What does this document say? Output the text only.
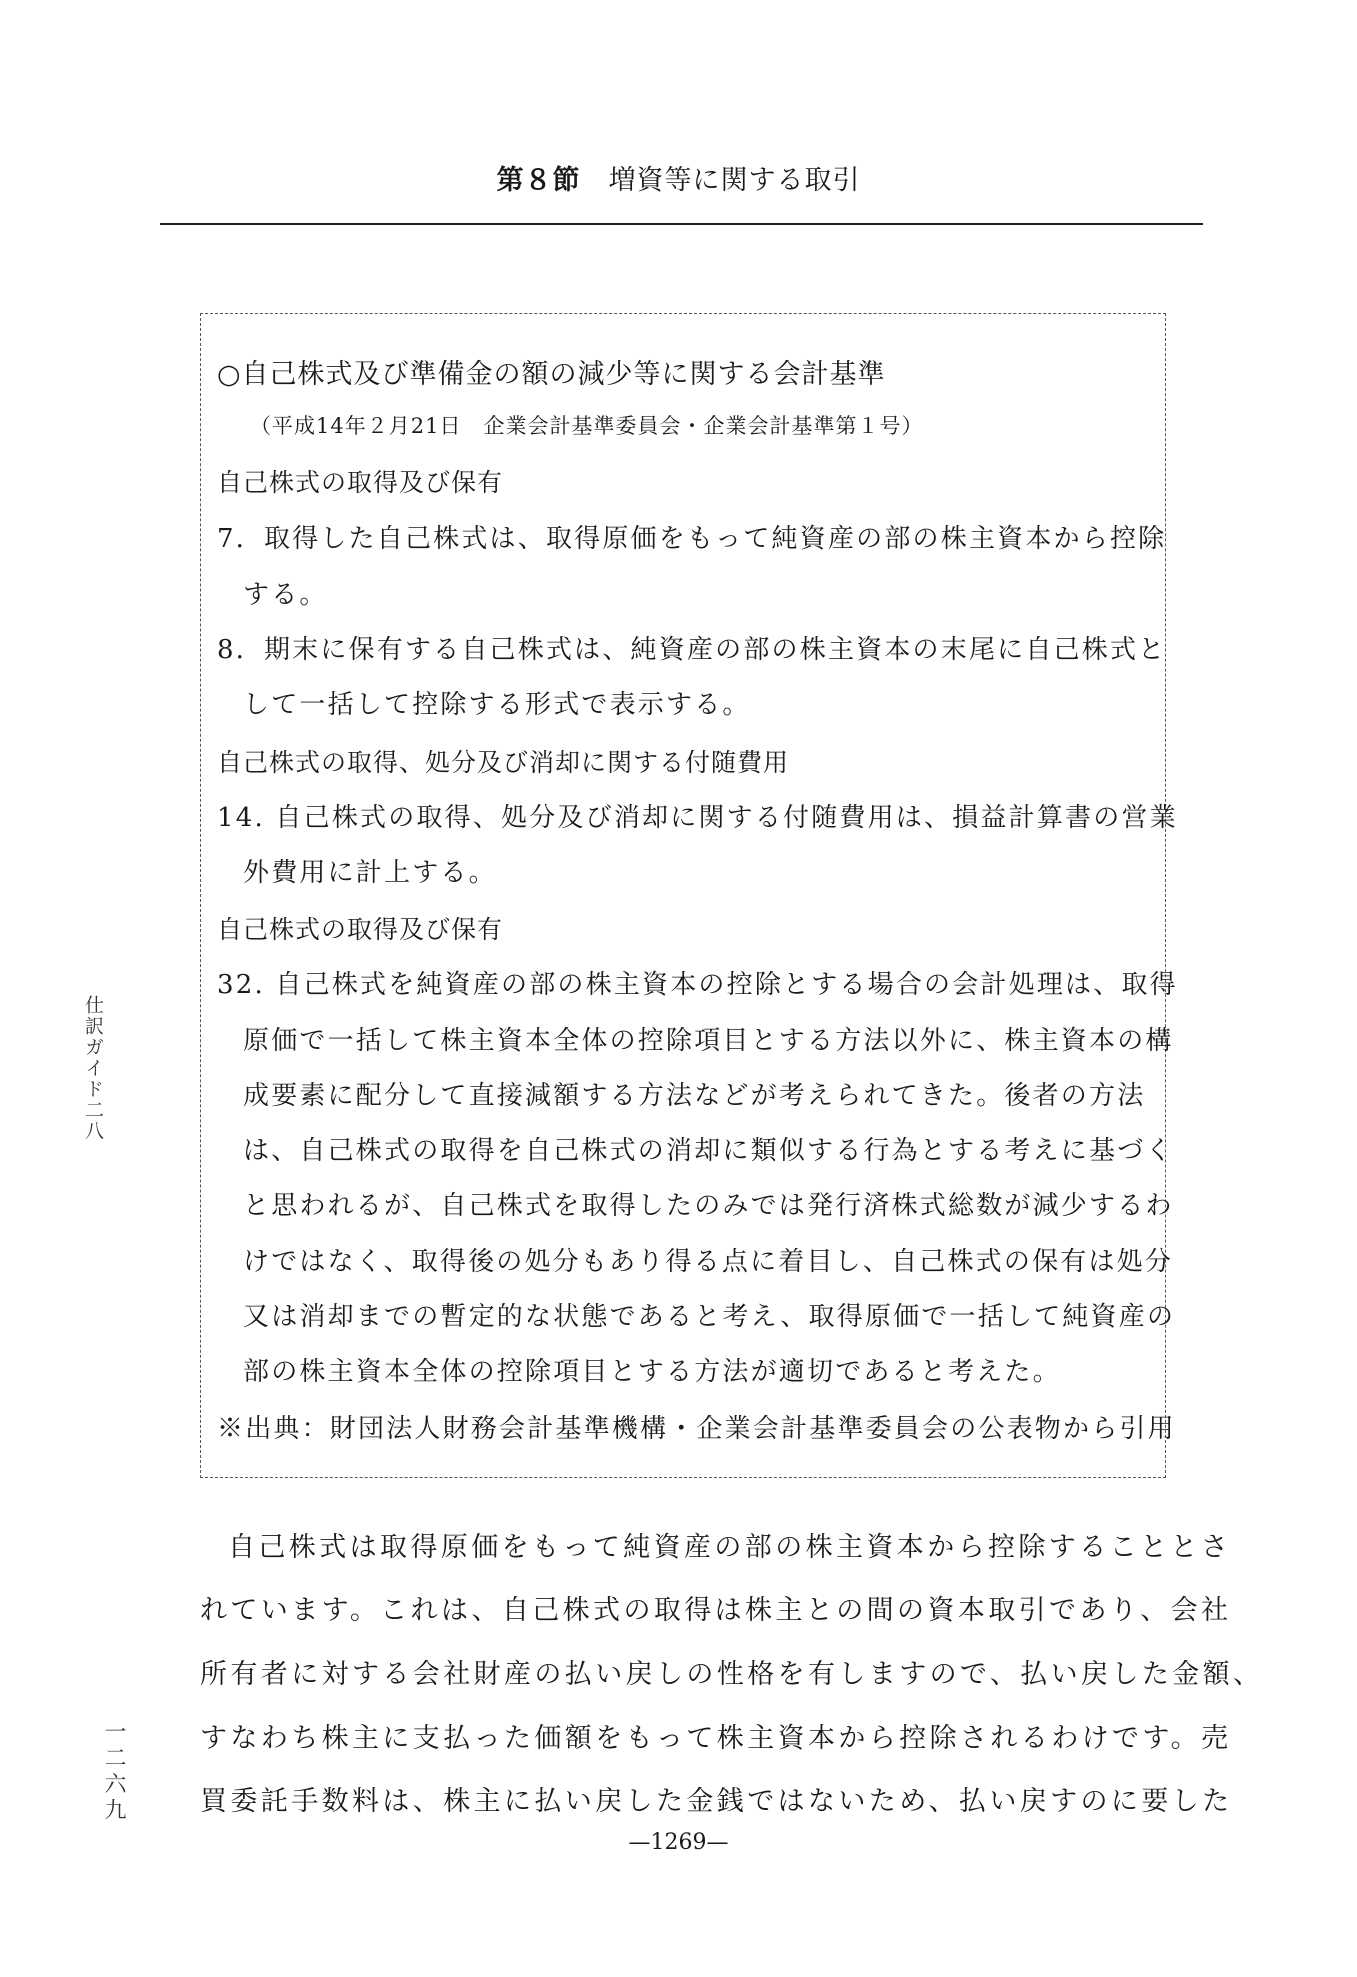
第８節 増資等に関する取引
○自己株式及び準備金の額の減少等に関する会計基準
（平成14年２月21日　企業会計基準委員会・企業会計基準第１号）
自己株式の取得及び保有
7．取得した自己株式は、取得原価をもって純資産の部の株主資本から控除
する。
8．期末に保有する自己株式は、純資産の部の株主資本の末尾に自己株式と
して一括して控除する形式で表示する。
自己株式の取得、処分及び消却に関する付随費用
14. 自己株式の取得、処分及び消却に関する付随費用は、損益計算書の営業
外費用に計上する。
自己株式の取得及び保有
32. 自己株式を純資産の部の株主資本の控除とする場合の会計処理は、取得
原価で一括して株主資本全体の控除項目とする方法以外に、株主資本の構
成要素に配分して直接減額する方法などが考えられてきた。後者の方法
は、自己株式の取得を自己株式の消却に類似する行為とする考えに基づく
と思われるが、自己株式を取得したのみでは発行済株式総数が減少するわ
けではなく、取得後の処分もあり得る点に着目し、自己株式の保有は処分
又は消却までの暫定的な状態であると考え、取得原価で一括して純資産の
部の株主資本全体の控除項目とする方法が適切であると考えた。
※出典：財団法人財務会計基準機構・企業会計基準委員会の公表物から引用
自己株式は取得原価をもって純資産の部の株主資本から控除することとさ
れています。これは、自己株式の取得は株主との間の資本取引であり、会社
所有者に対する会社財産の払い戻しの性格を有しますので、払い戻した金額、
すなわち株主に支払った価額をもって株主資本から控除されるわけです。売
買委託手数料は、株主に払い戻した金銭ではないため、払い戻すのに要した
仕訳ガイド二八
一二六九
—1269—
